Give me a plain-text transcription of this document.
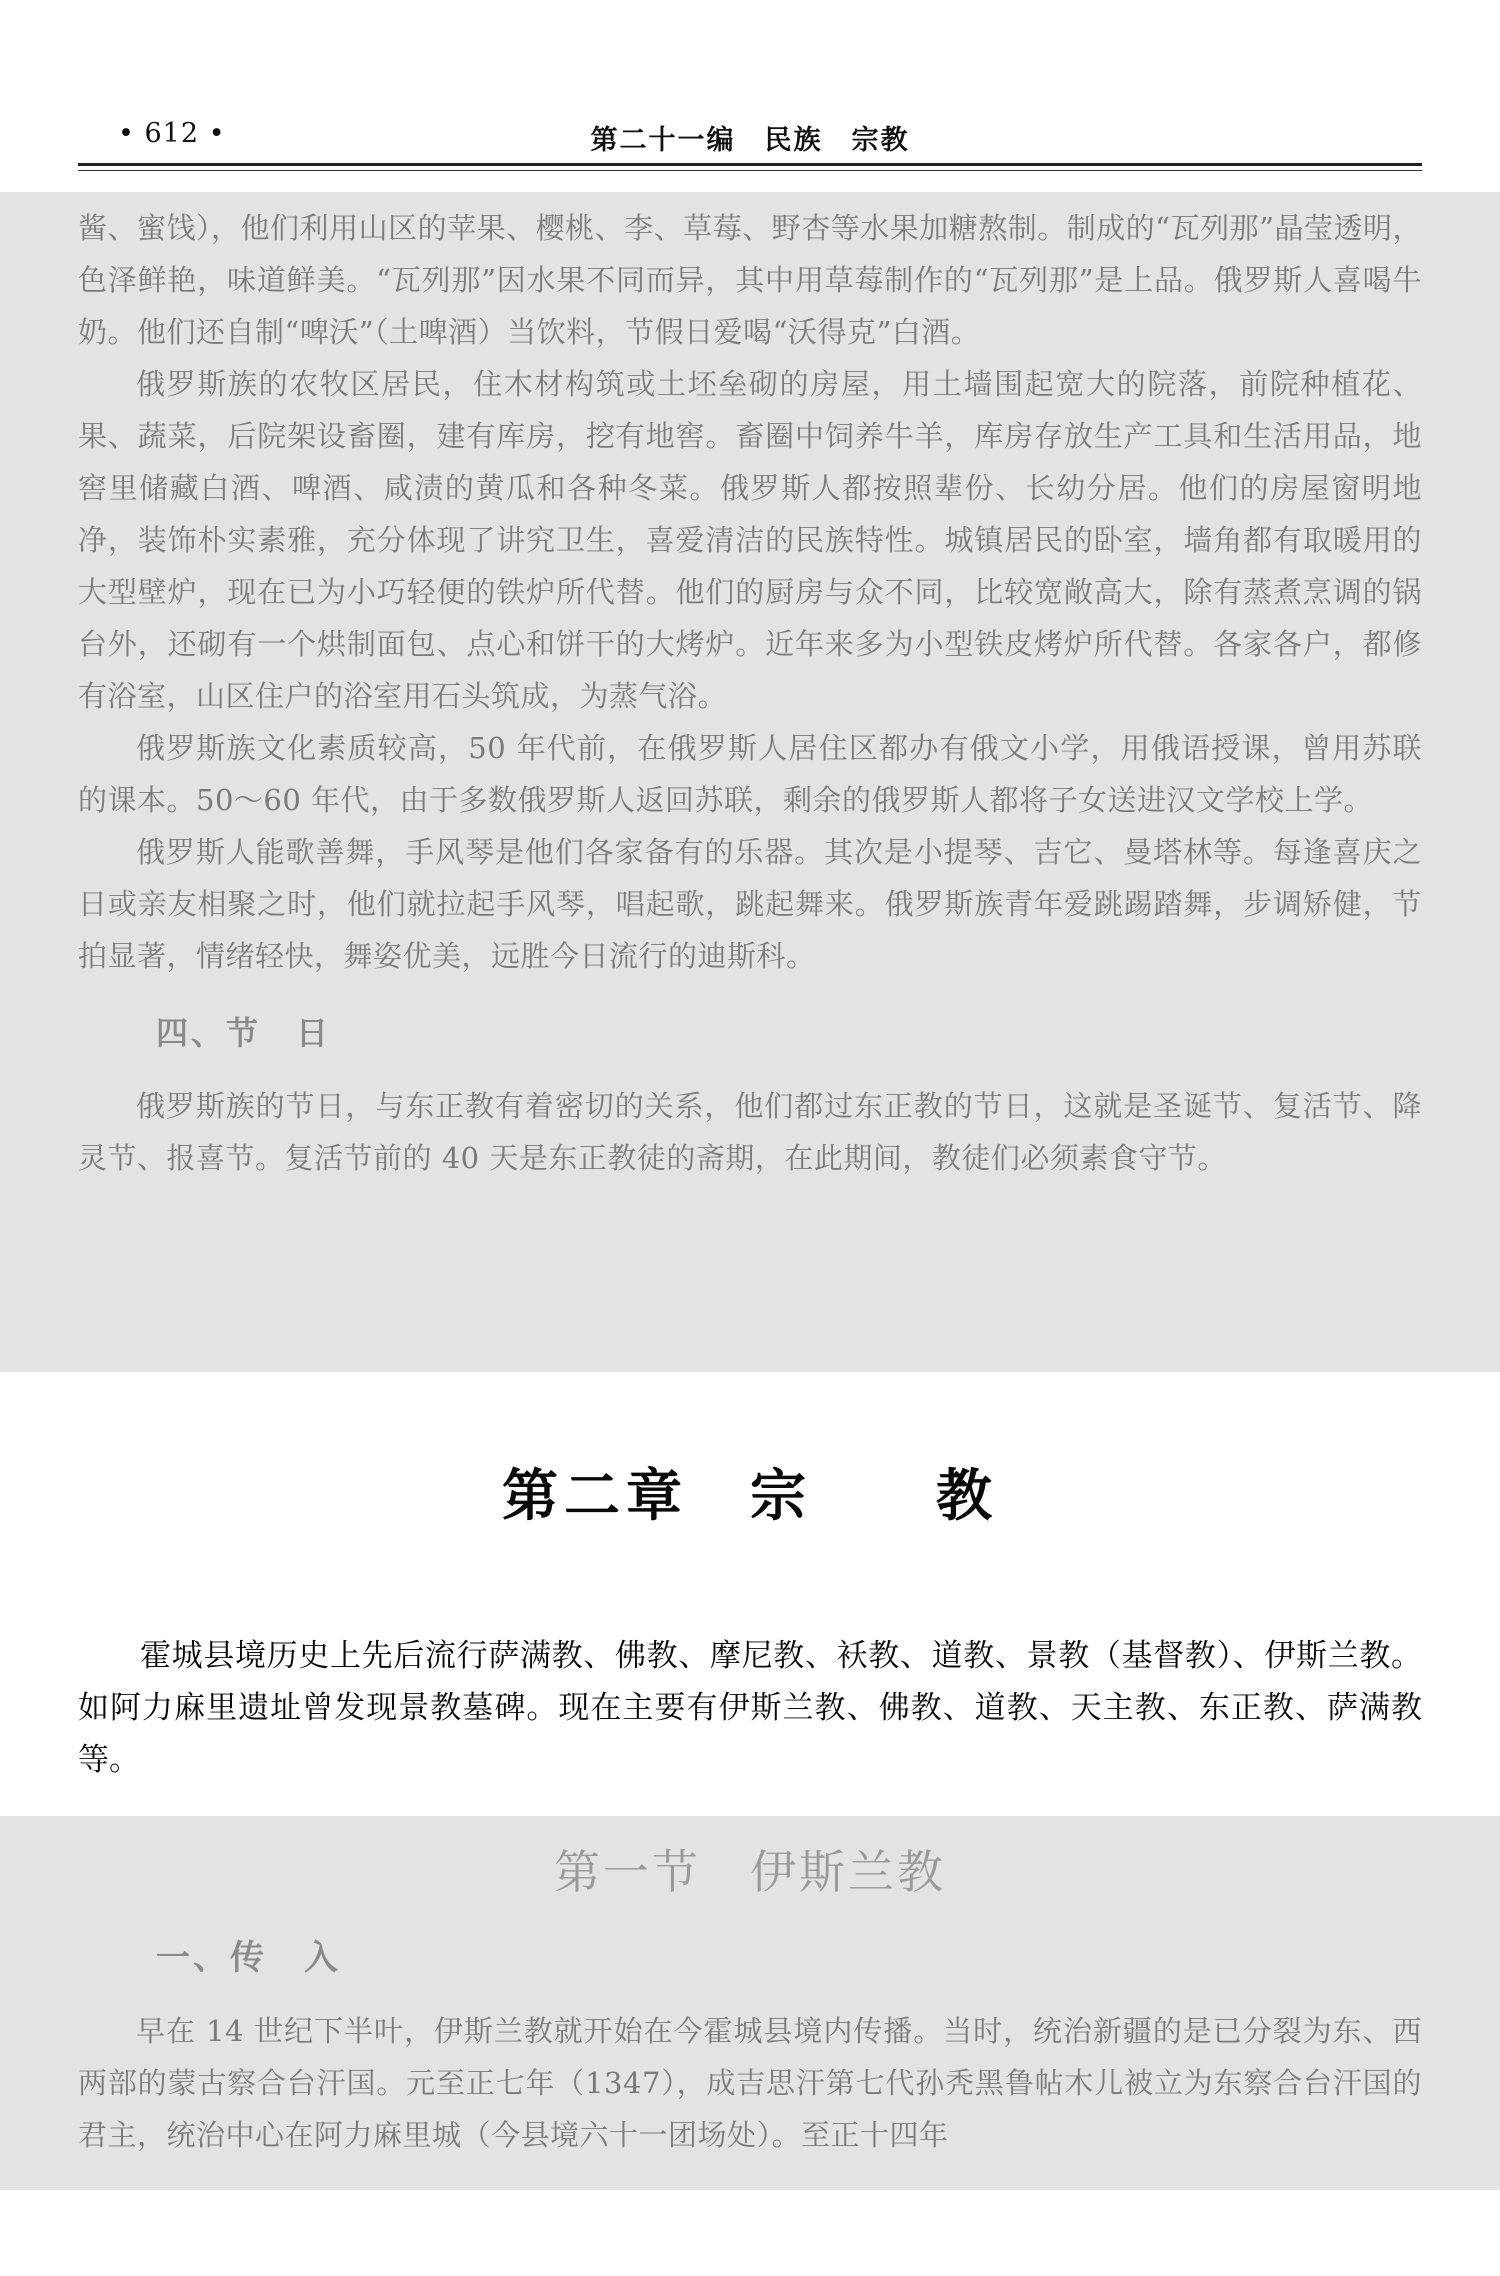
• 612 •	第二十一编　民族　宗教

酱、蜜饯），他们利用山区的苹果、樱桃、李、草莓、野杏等水果加糖熬制。制成的“瓦列那”晶莹透明，色泽鲜艳，味道鲜美。“瓦列那”因水果不同而异，其中用草莓制作的“瓦列那”是上品。俄罗斯人喜喝牛奶。他们还自制“啤沃”（土啤酒）当饮料，节假日爱喝“沃得克”白酒。

俄罗斯族的农牧区居民，住木材构筑或土坯垒砌的房屋，用土墙围起宽大的院落，前院种植花、果、蔬菜，后院架设畜圈，建有库房，挖有地窖。畜圈中饲养牛羊，库房存放生产工具和生活用品，地窖里储藏白酒、啤酒、咸渍的黄瓜和各种冬菜。俄罗斯人都按照辈份、长幼分居。他们的房屋窗明地净，装饰朴实素雅，充分体现了讲究卫生，喜爱清洁的民族特性。城镇居民的卧室，墙角都有取暖用的大型壁炉，现在已为小巧轻便的铁炉所代替。他们的厨房与众不同，比较宽敞高大，除有蒸煮烹调的锅台外，还砌有一个烘制面包、点心和饼干的大烤炉。近年来多为小型铁皮烤炉所代替。各家各户，都修有浴室，山区住户的浴室用石头筑成，为蒸气浴。

俄罗斯族文化素质较高，50 年代前，在俄罗斯人居住区都办有俄文小学，用俄语授课，曾用苏联的课本。50～60 年代，由于多数俄罗斯人返回苏联，剩余的俄罗斯人都将子女送进汉文学校上学。

俄罗斯人能歌善舞，手风琴是他们各家备有的乐器。其次是小提琴、吉它、曼塔林等。每逢喜庆之日或亲友相聚之时，他们就拉起手风琴，唱起歌，跳起舞来。俄罗斯族青年爱跳踢踏舞，步调矫健，节拍显著，情绪轻快，舞姿优美，远胜今日流行的迪斯科。

四、节　日

俄罗斯族的节日，与东正教有着密切的关系，他们都过东正教的节日，这就是圣诞节、复活节、降灵节、报喜节。复活节前的 40 天是东正教徒的斋期，在此期间，教徒们必须素食守节。

第二章　宗　　教

霍城县境历史上先后流行萨满教、佛教、摩尼教、袄教、道教、景教（基督教）、伊斯兰教。如阿力麻里遗址曾发现景教墓碑。现在主要有伊斯兰教、佛教、道教、天主教、东正教、萨满教等。

第一节　伊斯兰教
一、传　入

早在 14 世纪下半叶，伊斯兰教就开始在今霍城县境内传播。当时，统治新疆的是已分裂为东、西两部的蒙古察合台汗国。元至正七年（1347），成吉思汗第七代孙秃黑鲁帖木儿被立为东察合台汗国的君主，统治中心在阿力麻里城（今县境六十一团场处）。至正十四年
